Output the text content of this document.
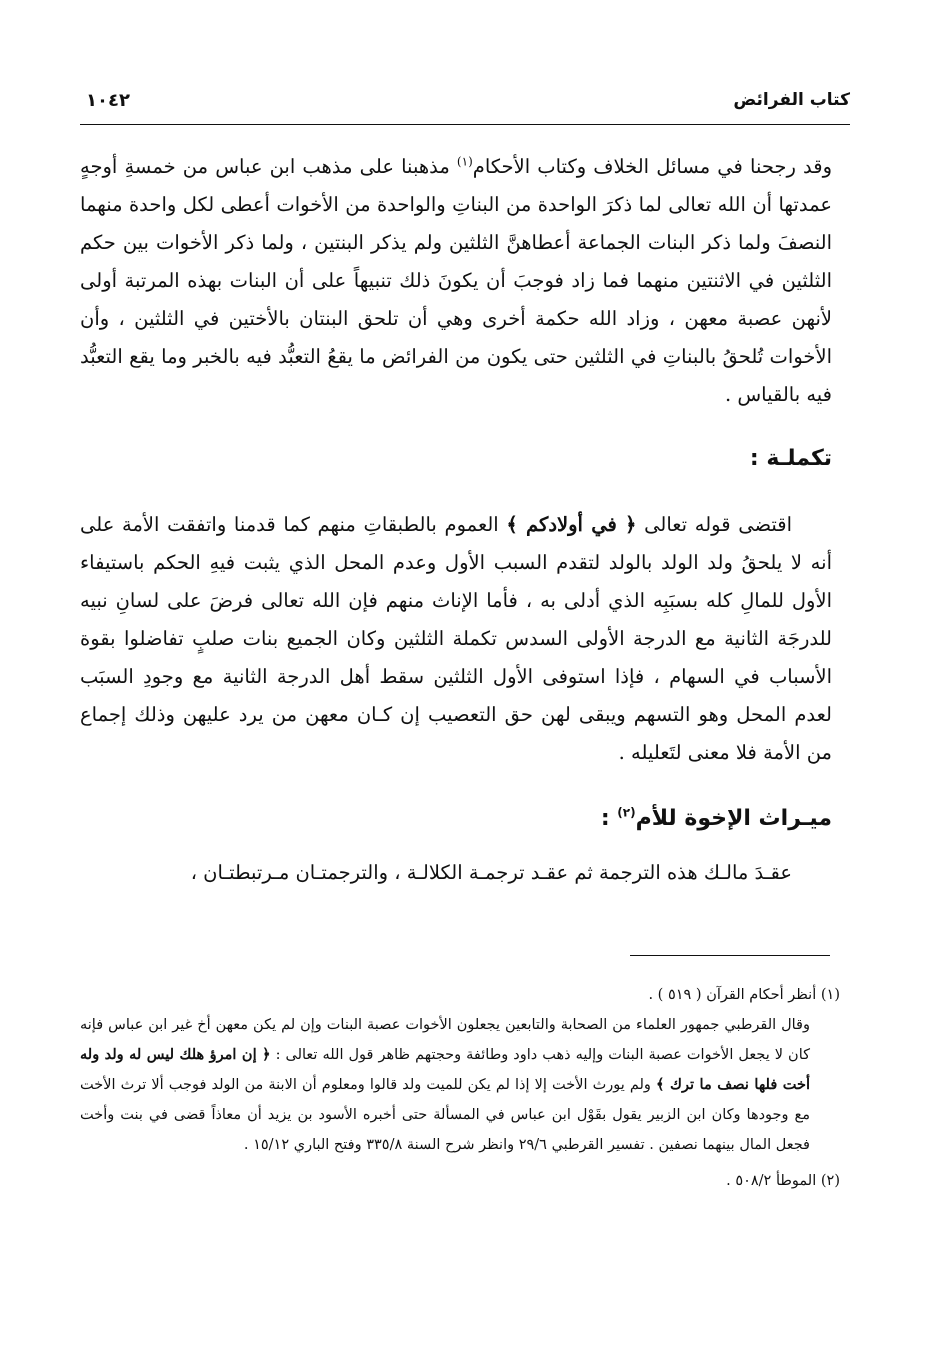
كتاب الفرائض
١٠٤٢

وقد رجحنا في مسائل الخلاف وكتاب الأحكام$^{(١)}$ مذهبنا على مذهب ابن عباس من خمسةِ أوجهٍ عمدتها أن الله تعالى لما ذكرَ الواحدة من البناتِ والواحدة من الأخوات أعطى لكل واحدة منهما النصفَ ولما ذكر البنات الجماعة أعطاهنَّ الثلثين ولم يذكر البنتين ، ولما ذكر الأخوات بين حكم الثلثين في الاثنتين منهما فما زاد فوجبَ أن يكونَ ذلك تنبيهاً على أن البنات بهذه المرتبة أولى لأنهن عصبة معهن ، وزاد الله حكمة أخرى وهي أن تلحق البنتان بالأختين في الثلثين ، وأن الأخوات تُلحقُ بالبناتِ في الثلثين حتى يكون من الفرائض ما يقعُ التعبُّد فيه بالخبر وما يقع التعبُّد فيه بالقياس .

تكملـة :

اقتضى قوله تعالى ﴿ في أولادكم ﴾ العموم بالطبقاتِ منهم كما قدمنا واتفقت الأمة على أنه لا يلحقُ ولد الولد بالولد لتقدم السبب الأول وعدم المحل الذي يثبت فيهِ الحكم باستيفاء الأول للمالِ كله بسبَبِه الذي أدلى به ، فأما الإناث منهم فإن الله تعالى فرضَ على لسانِ نبيه للدرجَة الثانية مع الدرجة الأولى السدس تكملة الثلثين وكان الجميع بنات صلبٍ تفاضلوا بقوة الأسباب في السهام ، فإذا استوفى الأول الثلثين سقط أهل الدرجة الثانية مع وجودِ السبَب لعدم المحل وهو التسهم ويبقى لهن حق التعصيب إن كـان معهن من يرد عليهن وذلك إجماع من الأمة فلا معنى لتَعليله .

ميـراث الإخوة للأم$^{(٢)}$ :

عقـدَ مالـك هذه الترجمة ثم عقـد ترجمـة الكلالـة ، والترجمتـان مـرتبطتـان ،

(١) أنظر أحكام القرآن ( ٥١٩ ) .
وقال القرطبي جمهور العلماء من الصحابة والتابعين يجعلون الأخوات عصبة البنات وإن لم يكن معهن أخ غير ابن عباس فإنه كان لا يجعل الأخوات عصبة البنات وإليه ذهب داود وطائفة وحجتهم ظاهر قول الله تعالى : ﴿ إن امرؤ هلك ليس له ولد وله أخت فلها نصف ما ترك ﴾ ولم يورث الأخت إلا إذا لم يكن للميت ولد قالوا ومعلوم أن الابنة من الولد فوجب ألا ترث الأخت مع وجودها وكان ابن الزبير يقول بقَوْل ابن عباس في المسألة حتى أخبره الأسود بن يزيد أن معاذاً قضى في بنت وأخت فجعل المال بينهما نصفين . تفسير القرطبي ٢٩/٦ وانظر شرح السنة ٣٣٥/٨ وفتح الباري ١٥/١٢ .

(٢) الموطأ ٥٠٨/٢ .
